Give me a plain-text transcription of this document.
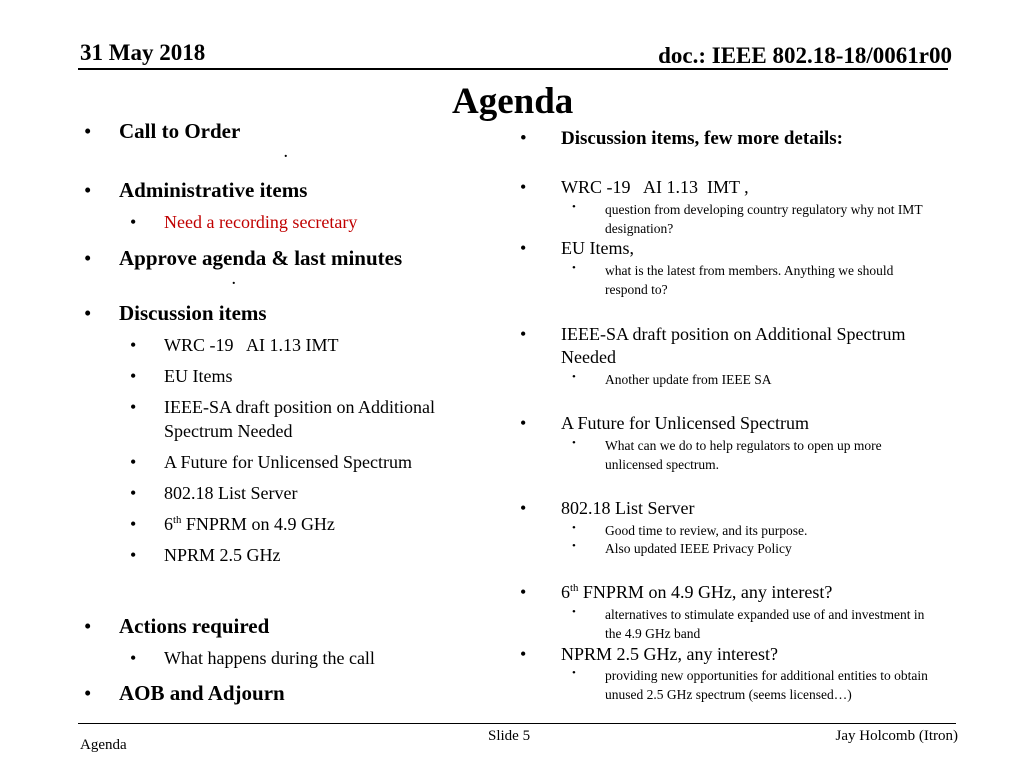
31 May 2018	doc.: IEEE 802.18-18/0061r00
Agenda
• Call to Order
.
• Administrative items
• Need a recording secretary
• Approve agenda & last minutes
.
• Discussion items
• WRC -19   AI 1.13 IMT
• EU Items
• IEEE-SA draft position on Additional
Spectrum Needed
• A Future for Unlicensed Spectrum
• 802.18 List Server
• 6th FNPRM on 4.9 GHz
• NPRM 2.5 GHz
• Actions required
• What happens during the call
• AOB and Adjourn
• Discussion items, few more details:
• WRC -19   AI 1.13  IMT ,
• question from developing country regulatory why not IMT
designation?
• EU Items,
• what is the latest from members. Anything we should
respond to?
• IEEE-SA draft position on Additional Spectrum
Needed
• Another update from IEEE SA
• A Future for Unlicensed Spectrum
• What can we do to help regulators to open up more
unlicensed spectrum.
• 802.18 List Server
• Good time to review, and its purpose.
• Also updated IEEE Privacy Policy
• 6th FNPRM on 4.9 GHz, any interest?
• alternatives to stimulate expanded use of and investment in
the 4.9 GHz band
• NPRM 2.5 GHz, any interest?
• providing new opportunities for additional entities to obtain
unused 2.5 GHz spectrum (seems licensed…)
Agenda
Slide 5	Jay Holcomb (Itron)
